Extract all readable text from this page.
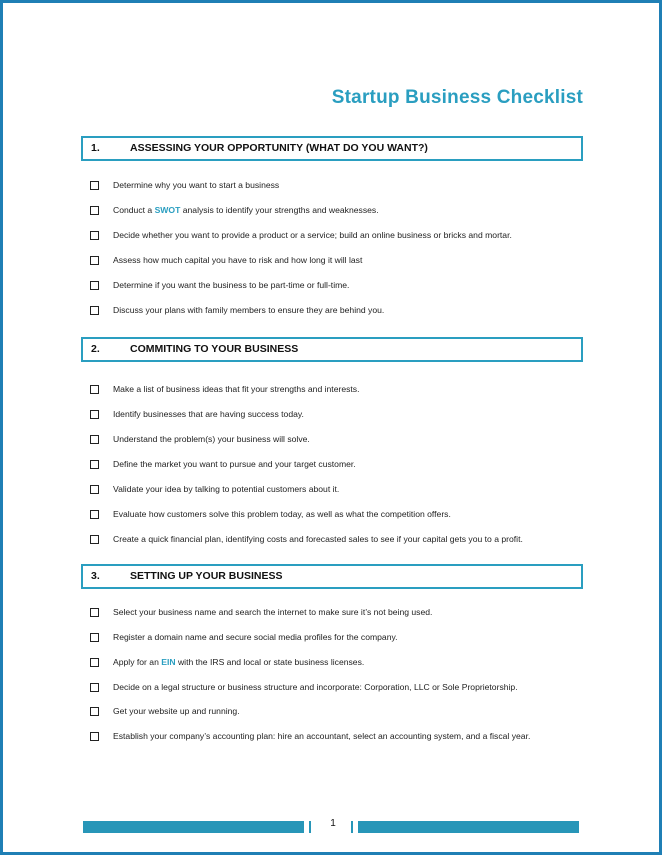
Startup Business Checklist
1.	ASSESSING YOUR OPPORTUNITY (WHAT DO YOU WANT?)
Determine why you want to start a business
Conduct a SWOT analysis to identify your strengths and weaknesses.
Decide whether you want to provide a product or a service; build an online business or bricks and mortar.
Assess how much capital you have to risk and how long it will last
Determine if you want the business to be part-time or full-time.
Discuss your plans with family members to ensure they are behind you.
2.	COMMITING TO YOUR BUSINESS
Make a list of business ideas that fit your strengths and interests.
Identify businesses that are having success today.
Understand the problem(s) your business will solve.
Define the market you want to pursue and your target customer.
Validate your idea by talking to potential customers about it.
Evaluate how customers solve this problem today, as well as what the competition offers.
Create a quick financial plan, identifying costs and forecasted sales to see if your capital gets you to a profit.
3.	SETTING UP YOUR BUSINESS
Select your business name and search the internet to make sure it’s not being used.
Register a domain name and secure social media profiles for the company.
Apply for an EIN with the IRS and local or state business licenses.
Decide on a legal structure or business structure and incorporate: Corporation, LLC or Sole Proprietorship.
Get your website up and running.
Establish your company’s accounting plan: hire an accountant, select an accounting system, and a fiscal year.
1
